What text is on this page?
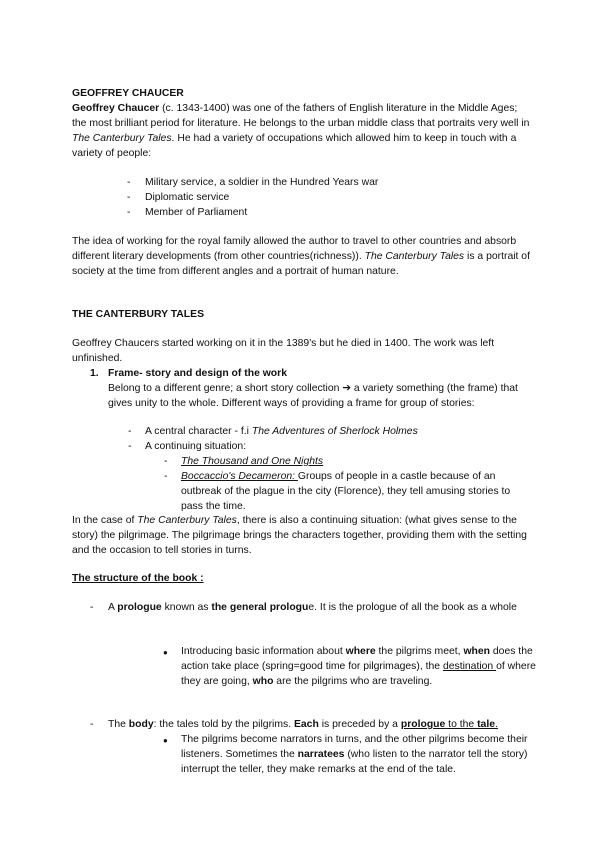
GEOFFREY CHAUCER

Geoffrey Chaucer (c. 1343-1400) was one of the fathers of English literature in the Middle Ages; the most brilliant period for literature. He belongs to the urban middle class that portraits very well in The Canterbury Tales. He had a variety of occupations which allowed him to keep in touch with a variety of people:

-	Military service, a soldier in the Hundred Years war
-	Diplomatic service
-	Member of Parliament

The idea of working for the royal family allowed the author to travel to other countries and absorb different literary developments (from other countries(richness)). The Canterbury Tales is a portrait of society at the time from different angles and a portrait of human nature.

THE CANTERBURY TALES

Geoffrey Chaucers started working on it in the 1389's but he died in 1400. The work was left unfinished.

1. Frame- story and design of the work

Belong to a different genre; a short story collection ➔ a variety something (the frame) that gives unity to the whole. Different ways of providing a frame for group of stories:

-	A central character - f.i The Adventures of Sherlock Holmes
-	A continuing situation:
-	The Thousand and One Nights
-	Boccaccio's Decameron: Groups of people in a castle because of an outbreak of the plague in the city (Florence), they tell amusing stories to pass the time.

In the case of The Canterbury Tales, there is also a continuing situation: (what gives sense to the story) the pilgrimage. The pilgrimage brings the characters together, providing them with the setting and the occasion to tell stories in turns.

The structure of the book :
-	A prologue known as the general prologue. It is the prologue of all the book as a whole

● Introducing basic information about where the pilgrims meet, when does the action take place (spring=good time for pilgrimages), the destination of where they are going, who are the pilgrims who are traveling.

-	The body: the tales told by the pilgrims. Each is preceded by a prologue to the tale.

● The pilgrims become narrators in turns, and the other pilgrims become their listeners. Sometimes the narratees (who listen to the narrator tell the story) interrupt the teller, they make remarks at the end of the tale.
